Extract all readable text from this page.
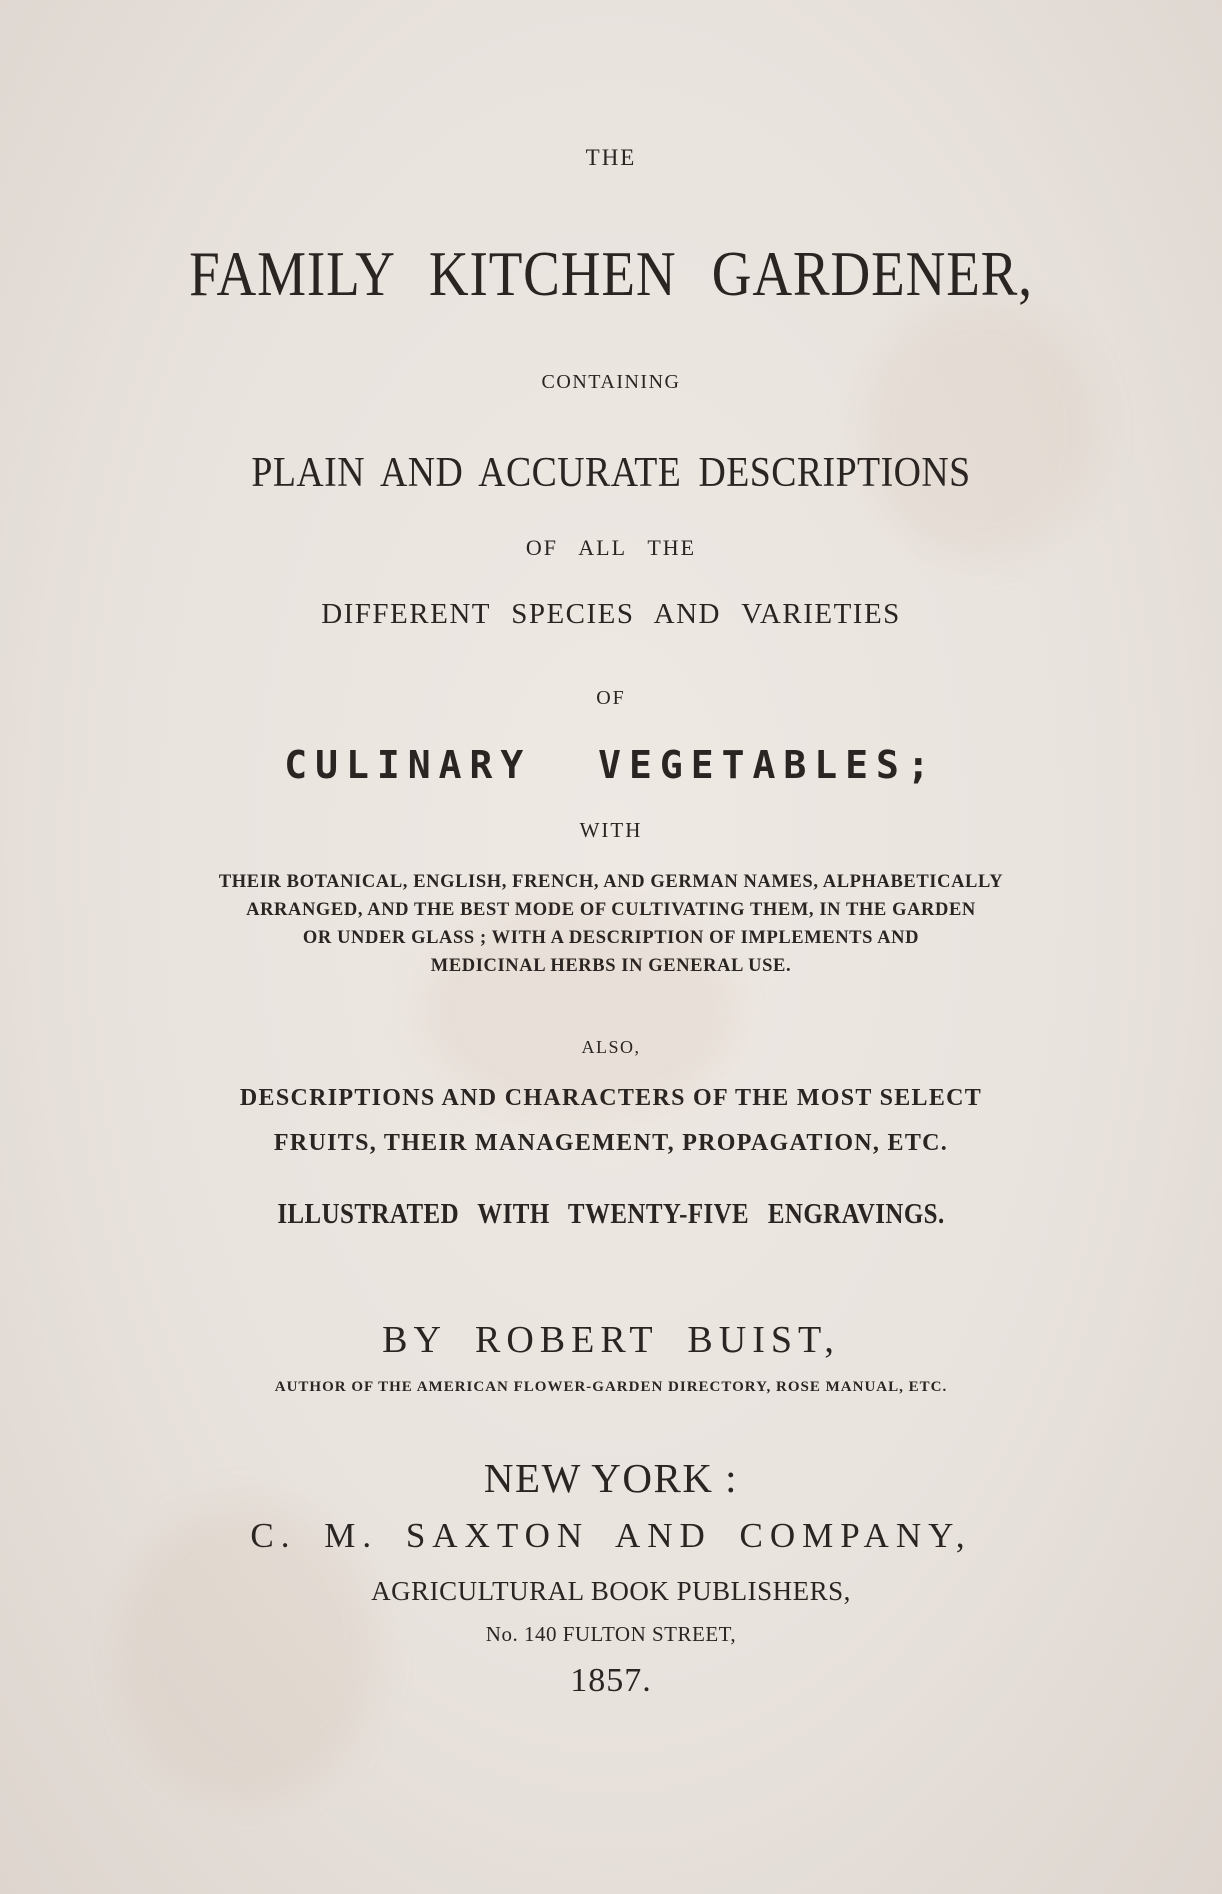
THE
FAMILY KITCHEN GARDENER,
CONTAINING
PLAIN AND ACCURATE DESCRIPTIONS
OF ALL THE
DIFFERENT SPECIES AND VARIETIES
OF
CULINARY VEGETABLES;
WITH
THEIR BOTANICAL, ENGLISH, FRENCH, AND GERMAN NAMES, ALPHABETICALLY
ARRANGED, AND THE BEST MODE OF CULTIVATING THEM, IN THE GARDEN
OR UNDER GLASS ; WITH A DESCRIPTION OF IMPLEMENTS AND
MEDICINAL HERBS IN GENERAL USE.
ALSO,
DESCRIPTIONS AND CHARACTERS OF THE MOST SELECT
FRUITS, THEIR MANAGEMENT, PROPAGATION, ETC.
ILLUSTRATED WITH TWENTY-FIVE ENGRAVINGS.
BY ROBERT BUIST,
AUTHOR OF THE AMERICAN FLOWER-GARDEN DIRECTORY, ROSE MANUAL, ETC.
NEW YORK :
C. M. SAXTON AND COMPANY,
AGRICULTURAL BOOK PUBLISHERS,
No. 140 FULTON STREET,
1857.
